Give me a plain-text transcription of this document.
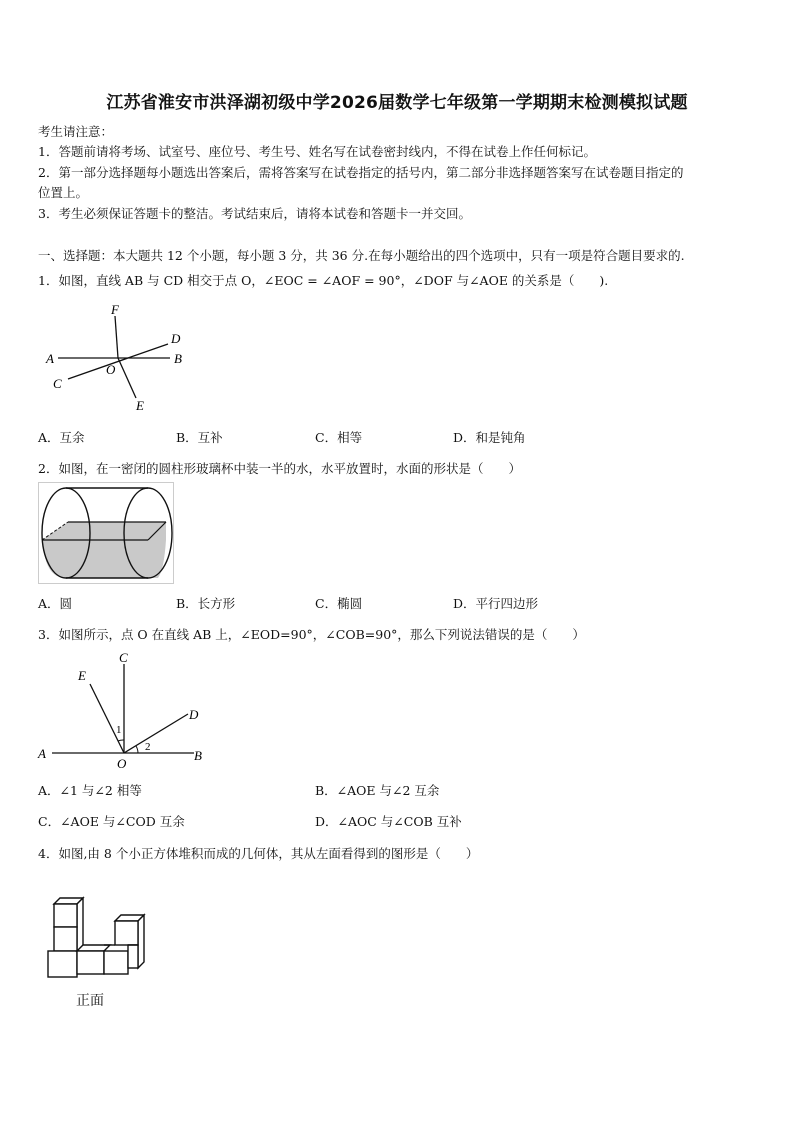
江苏省淮安市洪泽湖初级中学2026届数学七年级第一学期期末检测模拟试题
考生请注意：
1．答题前请将考场、试室号、座位号、考生号、姓名写在试卷密封线内，不得在试卷上作任何标记。
2．第一部分选择题每小题选出答案后，需将答案写在试卷指定的括号内，第二部分非选择题答案写在试卷题目指定的
位置上。
3．考生必须保证答题卡的整洁。考试结束后，请将本试卷和答题卡一并交回。
一、选择题：本大题共 12 个小题，每小题 3 分，共 36 分.在每小题给出的四个选项中，只有一项是符合题目要求的.
1．如图，直线 AB 与 CD 相交于点 O，∠EOC = ∠AOF = 90°，∠DOF 与∠AOE 的关系是（　　).
F
D
A
O
B
C
E
A．互余	B．互补	C．相等	D．和是钝角
2．如图，在一密闭的圆柱形玻璃杯中装一半的水，水平放置时，水面的形状是（　　）
A．圆	B．长方形	C．椭圆	D．平行四边形
3．如图所示，点 O 在直线 AB 上，∠EOD=90°，∠COB=90°，那么下列说法错误的是（　　）
C
E
D
1
2
A
O
B
A．∠1 与∠2 相等	B．∠AOE 与∠2 互余
C．∠AOE 与∠COD 互余	D．∠AOC 与∠COB 互补
4．如图,由 8 个小正方体堆积而成的几何体，其从左面看得到的图形是（　　）
正面
